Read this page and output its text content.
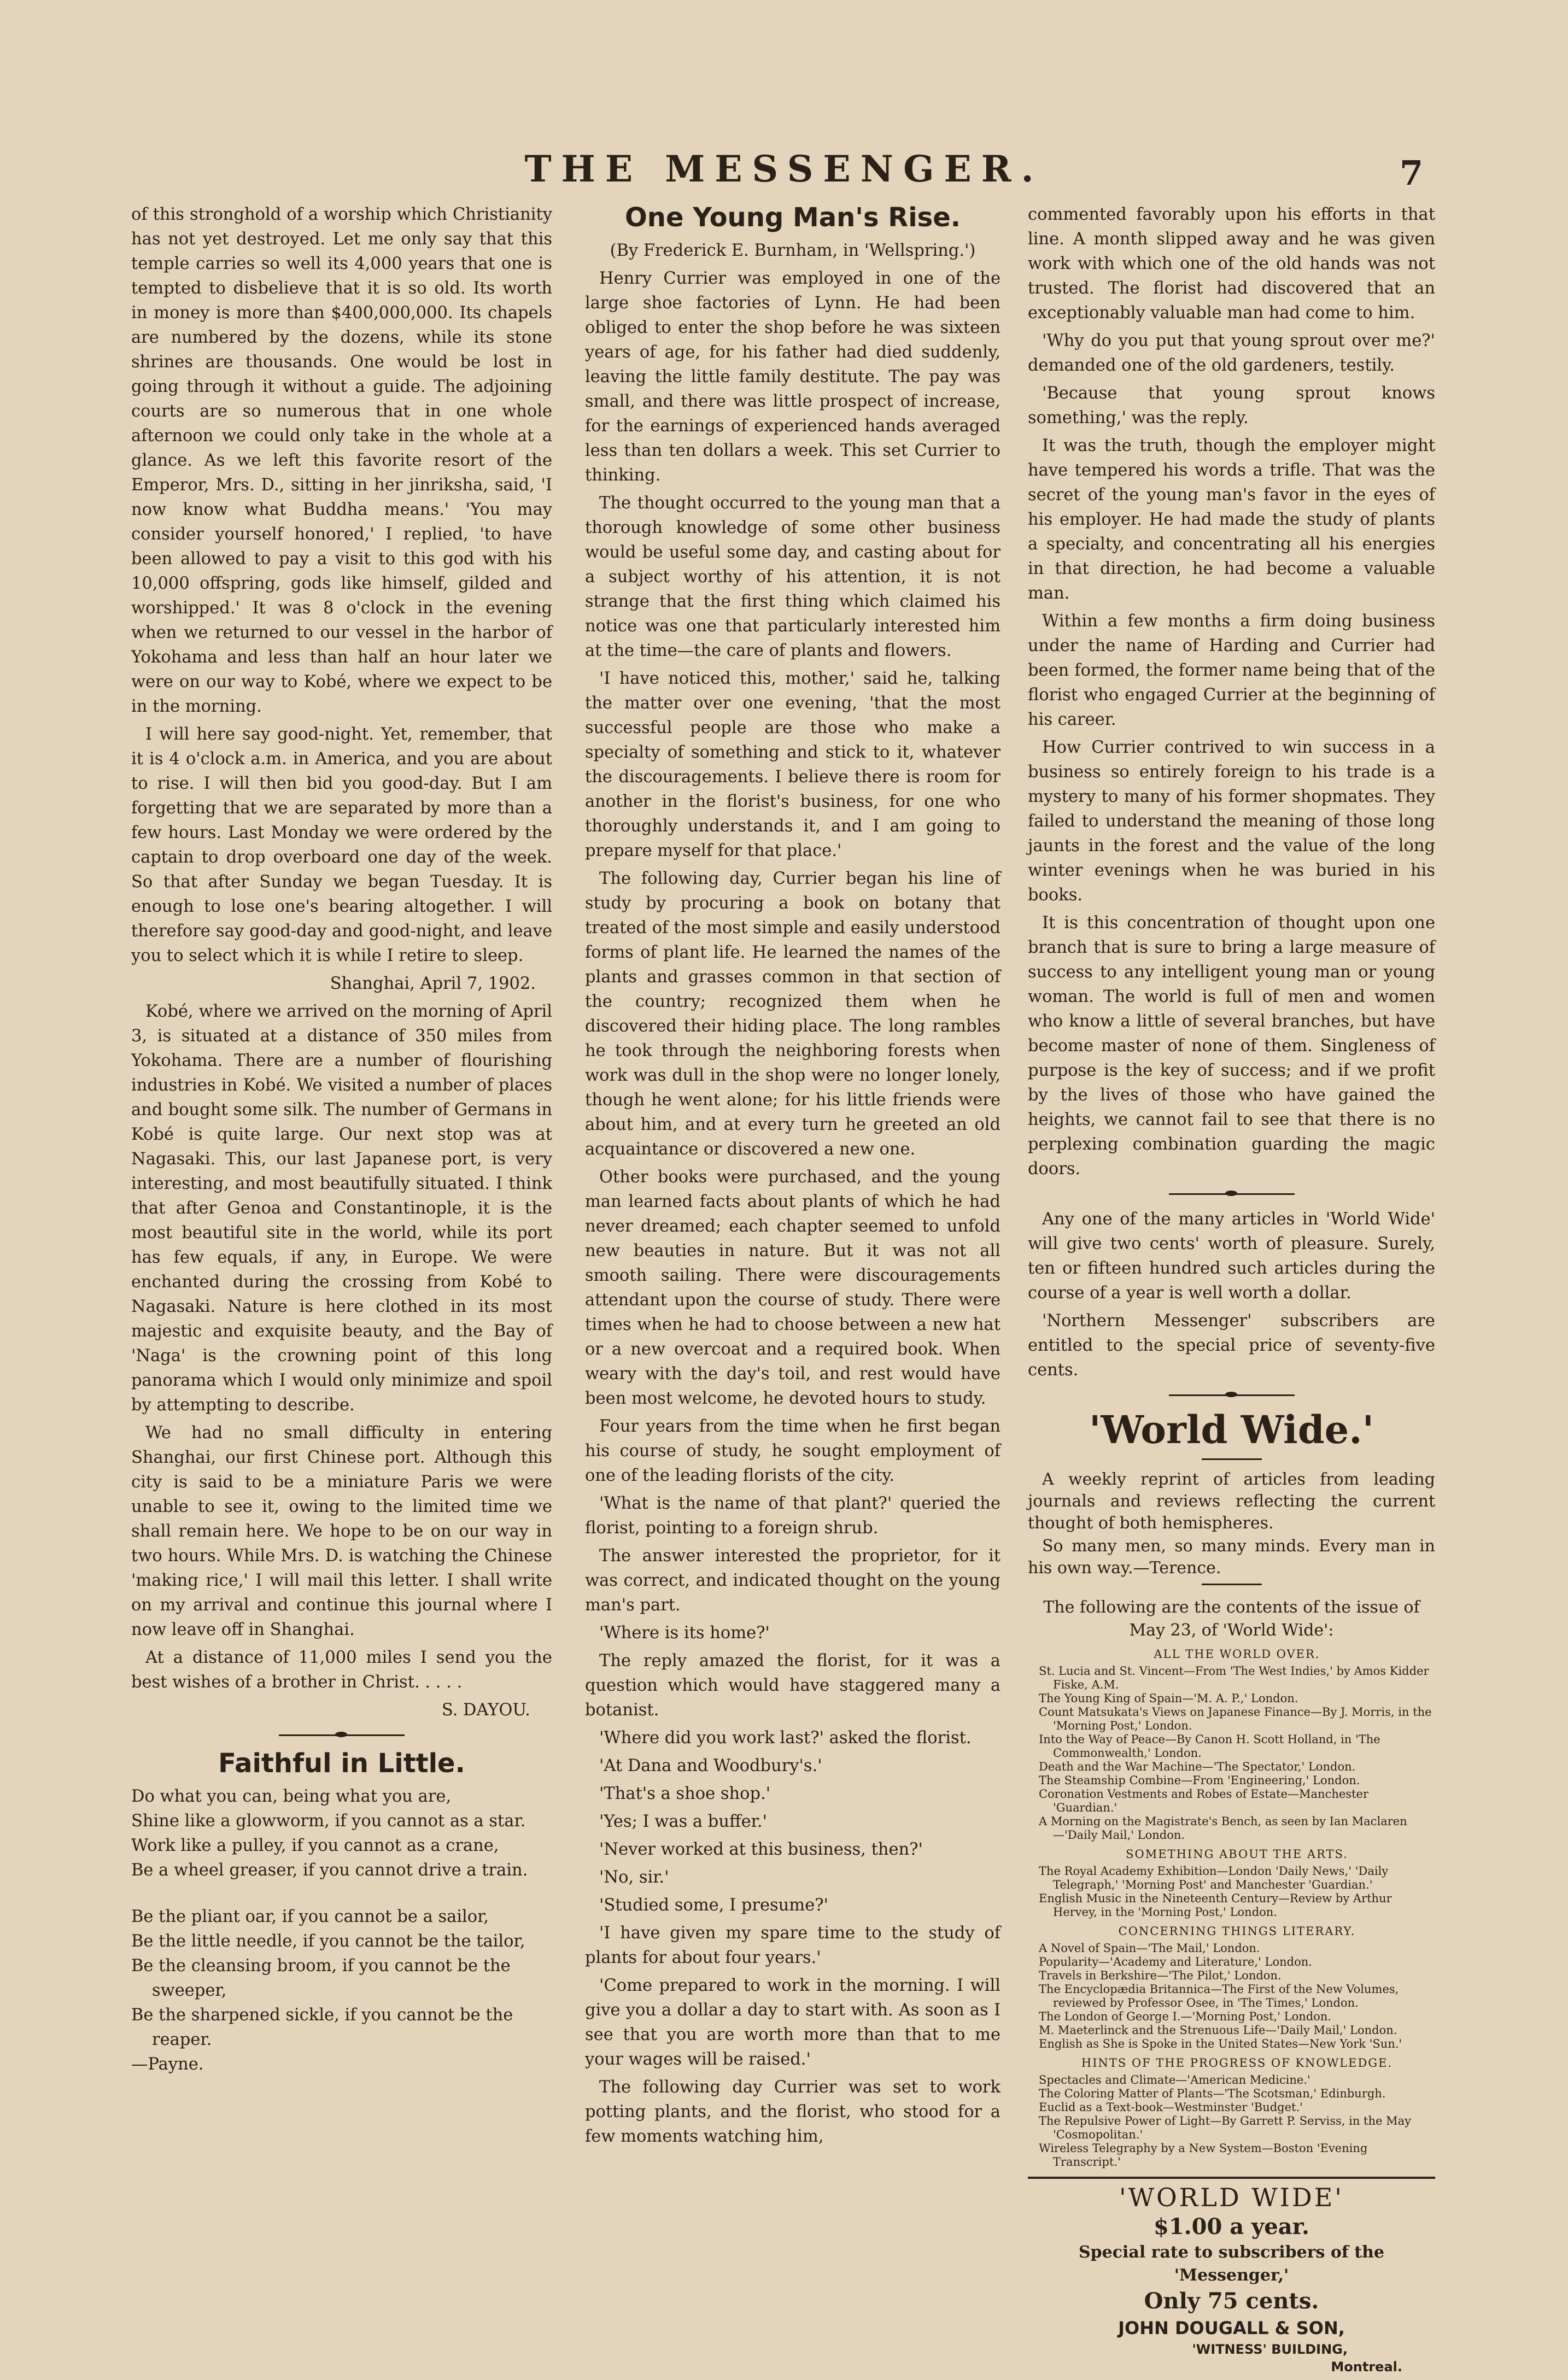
THE MESSENGER.	7

of this stronghold of a worship which Christianity has not yet destroyed. Let me only say that this temple carries so well its 4,000 years that one is tempted to disbelieve that it is so old. Its worth in money is more than $400,000,000. Its chapels are numbered by the dozens, while its stone shrines are thousands. One would be lost in going through it without a guide. The adjoining courts are so numerous that in one whole afternoon we could only take in the whole at a glance. As we left this favorite resort of the Emperor, Mrs. D., sitting in her jinriksha, said, 'I now know what Buddha means.' 'You may consider yourself honored,' I replied, 'to have been allowed to pay a visit to this god with his 10,000 offspring, gods like himself, gilded and worshipped.' It was 8 o'clock in the evening when we returned to our vessel in the harbor of Yokohama and less than half an hour later we were on our way to Kobé, where we expect to be in the morning.

I will here say good-night. Yet, remember, that it is 4 o'clock a.m. in America, and you are about to rise. I will then bid you good-day. But I am forgetting that we are separated by more than a few hours. Last Monday we were ordered by the captain to drop overboard one day of the week. So that after Sunday we began Tuesday. It is enough to lose one's bearing altogether. I will therefore say good-day and good-night, and leave you to select which it is while I retire to sleep.

Shanghai, April 7, 1902.

Kobé, where we arrived on the morning of April 3, is situated at a distance of 350 miles from Yokohama. There are a number of flourishing industries in Kobé. We visited a number of places and bought some silk. The number of Germans in Kobé is quite large. Our next stop was at Nagasaki. This, our last Japanese port, is very interesting, and most beautifully situated. I think that after Genoa and Constantinople, it is the most beautiful site in the world, while its port has few equals, if any, in Europe. We were enchanted during the crossing from Kobé to Nagasaki. Nature is here clothed in its most majestic and exquisite beauty, and the Bay of 'Naga' is the crowning point of this long panorama which I would only minimize and spoil by attempting to describe.

We had no small difficulty in entering Shanghai, our first Chinese port. Although this city is said to be a miniature Paris we were unable to see it, owing to the limited time we shall remain here. We hope to be on our way in two hours. While Mrs. D. is watching the Chinese 'making rice,' I will mail this letter. I shall write on my arrival and continue this journal where I now leave off in Shanghai.

At a distance of 11,000 miles I send you the best wishes of a brother in Christ. . . . .

S. DAYOU.
Faithful in Little.
Do what you can, being what you are,
Shine like a glowworm, if you cannot as a star.
Work like a pulley, if you cannot as a crane,
Be a wheel greaser, if you cannot drive a train.
Be the pliant oar, if you cannot be a sailor,
Be the little needle, if you cannot be the tailor,
Be the cleansing broom, if you cannot be the sweeper,
Be the sharpened sickle, if you cannot be the reaper.
—Payne.
One Young Man's Rise.
(By Frederick E. Burnham, in 'Wellspring.')

Henry Currier was employed in one of the large shoe factories of Lynn. He had been obliged to enter the shop before he was sixteen years of age, for his father had died suddenly, leaving the little family destitute. The pay was small, and there was little prospect of increase, for the earnings of experienced hands averaged less than ten dollars a week. This set Currier to thinking.

The thought occurred to the young man that a thorough knowledge of some other business would be useful some day, and casting about for a subject worthy of his attention, it is not strange that the first thing which claimed his notice was one that particularly interested him at the time—the care of plants and flowers.

'I have noticed this, mother,' said he, talking the matter over one evening, 'that the most successful people are those who make a specialty of something and stick to it, whatever the discouragements. I believe there is room for another in the florist's business, for one who thoroughly understands it, and I am going to prepare myself for that place.'

The following day, Currier began his line of study by procuring a book on botany that treated of the most simple and easily understood forms of plant life. He learned the names of the plants and grasses common in that section of the country; recognized them when he discovered their hiding place. The long rambles he took through the neighboring forests when work was dull in the shop were no longer lonely, though he went alone; for his little friends were about him, and at every turn he greeted an old acquaintance or discovered a new one.

Other books were purchased, and the young man learned facts about plants of which he had never dreamed; each chapter seemed to unfold new beauties in nature. But it was not all smooth sailing. There were discouragements attendant upon the course of study. There were times when he had to choose between a new hat or a new overcoat and a required book. When weary with the day's toil, and rest would have been most welcome, he devoted hours to study.

Four years from the time when he first began his course of study, he sought employment of one of the leading florists of the city.

'What is the name of that plant?' queried the florist, pointing to a foreign shrub.

The answer interested the proprietor, for it was correct, and indicated thought on the young man's part.

'Where is its home?'

The reply amazed the florist, for it was a question which would have staggered many a botanist.

'Where did you work last?' asked the florist.

'At Dana and Woodbury's.'

'That's a shoe shop.'

'Yes; I was a buffer.'

'Never worked at this business, then?'

'No, sir.'

'Studied some, I presume?'

'I have given my spare time to the study of plants for about four years.'

'Come prepared to work in the morning. I will give you a dollar a day to start with. As soon as I see that you are worth more than that to me your wages will be raised.'

The following day Currier was set to work potting plants, and the florist, who stood for a few moments watching him,

commented favorably upon his efforts in that line. A month slipped away and he was given work with which one of the old hands was not trusted. The florist had discovered that an exceptionably valuable man had come to him.

'Why do you put that young sprout over me?' demanded one of the old gardeners, testily.

'Because that young sprout knows something,' was the reply.

It was the truth, though the employer might have tempered his words a trifle. That was the secret of the young man's favor in the eyes of his employer. He had made the study of plants a specialty, and concentrating all his energies in that direction, he had become a valuable man.

Within a few months a firm doing business under the name of Harding and Currier had been formed, the former name being that of the florist who engaged Currier at the beginning of his career.

How Currier contrived to win success in a business so entirely foreign to his trade is a mystery to many of his former shopmates. They failed to understand the meaning of those long jaunts in the forest and the value of the long winter evenings when he was buried in his books.

It is this concentration of thought upon one branch that is sure to bring a large measure of success to any intelligent young man or young woman. The world is full of men and women who know a little of several branches, but have become master of none of them. Singleness of purpose is the key of success; and if we profit by the lives of those who have gained the heights, we cannot fail to see that there is no perplexing combination guarding the magic doors.

Any one of the many articles in 'World Wide' will give two cents' worth of pleasure. Surely, ten or fifteen hundred such articles during the course of a year is well worth a dollar.

'Northern Messenger' subscribers are entitled to the special price of seventy-five cents.

'World Wide.'

A weekly reprint of articles from leading journals and reviews reflecting the current thought of both hemispheres.

So many men, so many minds. Every man in his own way.—Terence.

The following are the contents of the issue of May 23, of 'World Wide':
ALL THE WORLD OVER.
St. Lucia and St. Vincent—From 'The West Indies,' by Amos Kidder Fiske, A.M.
The Young King of Spain—'M. A. P.,' London.
Count Matsukata's Views on Japanese Finance—By J. Morris, in the 'Morning Post,' London.
Into the Way of Peace—By Canon H. Scott Holland, in 'The Commonwealth,' London.
Death and the War Machine—'The Spectator,' London.
The Steamship Combine—From 'Engineering,' London.
Coronation Vestments and Robes of Estate—Manchester 'Guardian.'
A Morning on the Magistrate's Bench, as seen by Ian Maclaren—'Daily Mail,' London.
SOMETHING ABOUT THE ARTS.
The Royal Academy Exhibition—London 'Daily News,' 'Daily Telegraph,' 'Morning Post' and Manchester 'Guardian.'
English Music in the Nineteenth Century—Review by Arthur Hervey, in the 'Morning Post,' London.
CONCERNING THINGS LITERARY.
A Novel of Spain—'The Mail,' London.
Popularity—'Academy and Literature,' London.
Travels in Berkshire—'The Pilot,' London.
The Encyclopædia Britannica—The First of the New Volumes, reviewed by Professor Osee, in 'The Times,' London.
The London of George I.—'Morning Post,' London.
M. Maeterlinck and the Strenuous Life—'Daily Mail,' London.
English as She is Spoke in the United States—New York 'Sun.'
HINTS OF THE PROGRESS OF KNOWLEDGE.
Spectacles and Climate—'American Medicine.'
The Coloring Matter of Plants—'The Scotsman,' Edinburgh.
Euclid as a Text-book—Westminster 'Budget.'
The Repulsive Power of Light—By Garrett P. Serviss, in the May 'Cosmopolitan.'
Wireless Telegraphy by a New System—Boston 'Evening Transcript.'
'WORLD WIDE'
$1.00 a year.
Special rate to subscribers of the 'Messenger,'
Only 75 cents.
JOHN DOUGALL & SON,
'WITNESS' BUILDING,
Montreal.
